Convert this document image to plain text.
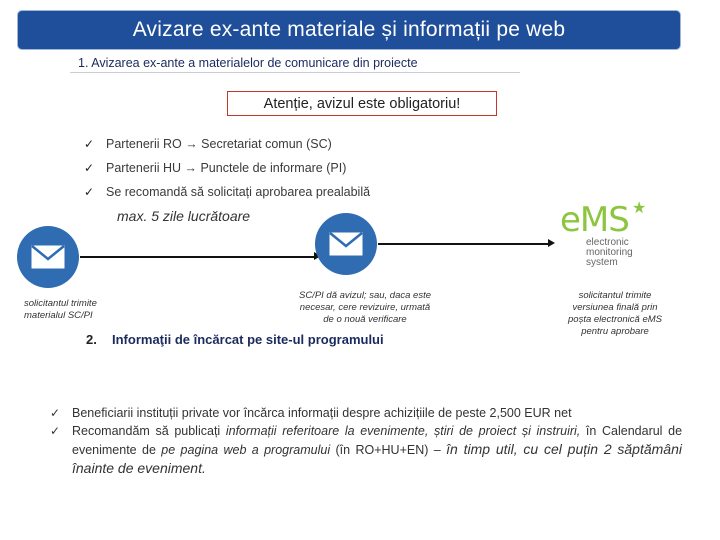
Avizare ex-ante materiale și informații pe web
1. Avizarea ex-ante a materialelor de comunicare din proiecte
Atenție, avizul este obligatoriu!
✓ Partenerii RO → Secretariat comun (SC)
✓ Partenerii HU → Punctele de informare (PI)
✓ Se recomandă să solicitați aprobarea prealabilă
max. 5 zile lucrătoare	eMS ★
electronic
monitoring
system
solicitantul trimite materialul SC/PI
SC/PI dă avizul; sau, daca este necesar, cere revizuire, urmată de o nouă verificare
solicitantul trimite versiunea finală prin poșta electronică eMS pentru aprobare
2. Informaţii de încărcat pe site-ul programului
✓ Beneficiarii instituții private vor încărca informații despre achizițiile de peste 2,500 EUR net
✓ Recomandăm să publicați informații referitoare la evenimente, știri de proiect și instruiri, în Calendarul de evenimente de pe pagina web a programului (în RO+HU+EN) – în timp util, cu cel puțin 2 săptămâni înainte de eveniment.
